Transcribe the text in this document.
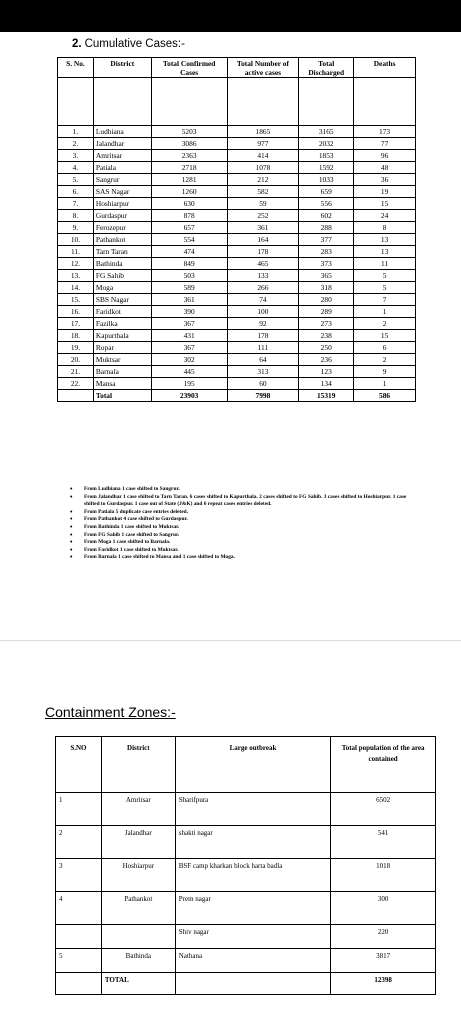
2. Cumulative Cases:-
S. No.	District	Total Confirmed Cases	Total Number of active cases	Total Discharged	Deaths

1.	Ludhiana	5203	1865	3165	173
2.	Jalandhar	3086	977	2032	77
3.	Amritsar	2363	414	1853	96
4.	Patiala	2718	1078	1592	48
5.	Sangrur	1281	212	1033	36
6.	SAS Nagar	1260	582	659	19
7.	Hoshiarpur	630	59	556	15
8.	Gurdaspur	878	252	602	24
9.	Ferozepur	657	361	288	8
10.	Pathankot	554	164	377	13
11.	Tarn Taran	474	178	283	13
12.	Bathinda	849	465	373	11
13.	FG Sahib	503	133	365	5
14.	Moga	589	266	318	5
15.	SBS Nagar	361	74	280	7
16.	Faridkot	390	100	289	1
17.	Fazilka	367	92	273	2
18.	Kapurthala	431	178	238	15
19.	Ropar	367	111	250	6
20.	Muktsar	302	64	236	2
21.	Barnala	445	313	123	9
22.	Mansa	195	60	134	1
	Total	23903	7998	15319	586
• From Ludhiana 1 case shifted to Sangrur.
• From Jalandhar 1 case shifted to Tarn Taran. 6 cases shifted to Kapurthala. 2 cases shifted to FG Sahib. 3 cases shifted to Hoshiarpur. 1 case shifted to Gurdaspur. 1 case out of State (J&K) and 6 repeat cases entries deleted.
• From Patiala 5 duplicate case entries deleted.
• From Pathankot 4 case shifted to Gurdaspur.
• From Bathinda 1 case shifted to Muktsar.
• From FG Sahib 1 case shifted to Sangrur.
• From Moga 1 case shifted to Barnala.
• From Faridkot 1 case shifted to Muktsar.
• From Barnala 1 case shifted to Mansa and 1 case shifted to Moga.
Containment Zones:-
S.NO	District	Large outbreak	Total population of the area contained
1	Amritsar	Sharifpura	6502
2	Jalandhar	shakti nagar	541
3	Hoshiarpur	BSF camp kharkan block harta badla	1018
4	Pathankot	Prem nagar	300
		Shiv nagar	220
5	Bathinda	Nathana	3817
	TOTAL		12398
